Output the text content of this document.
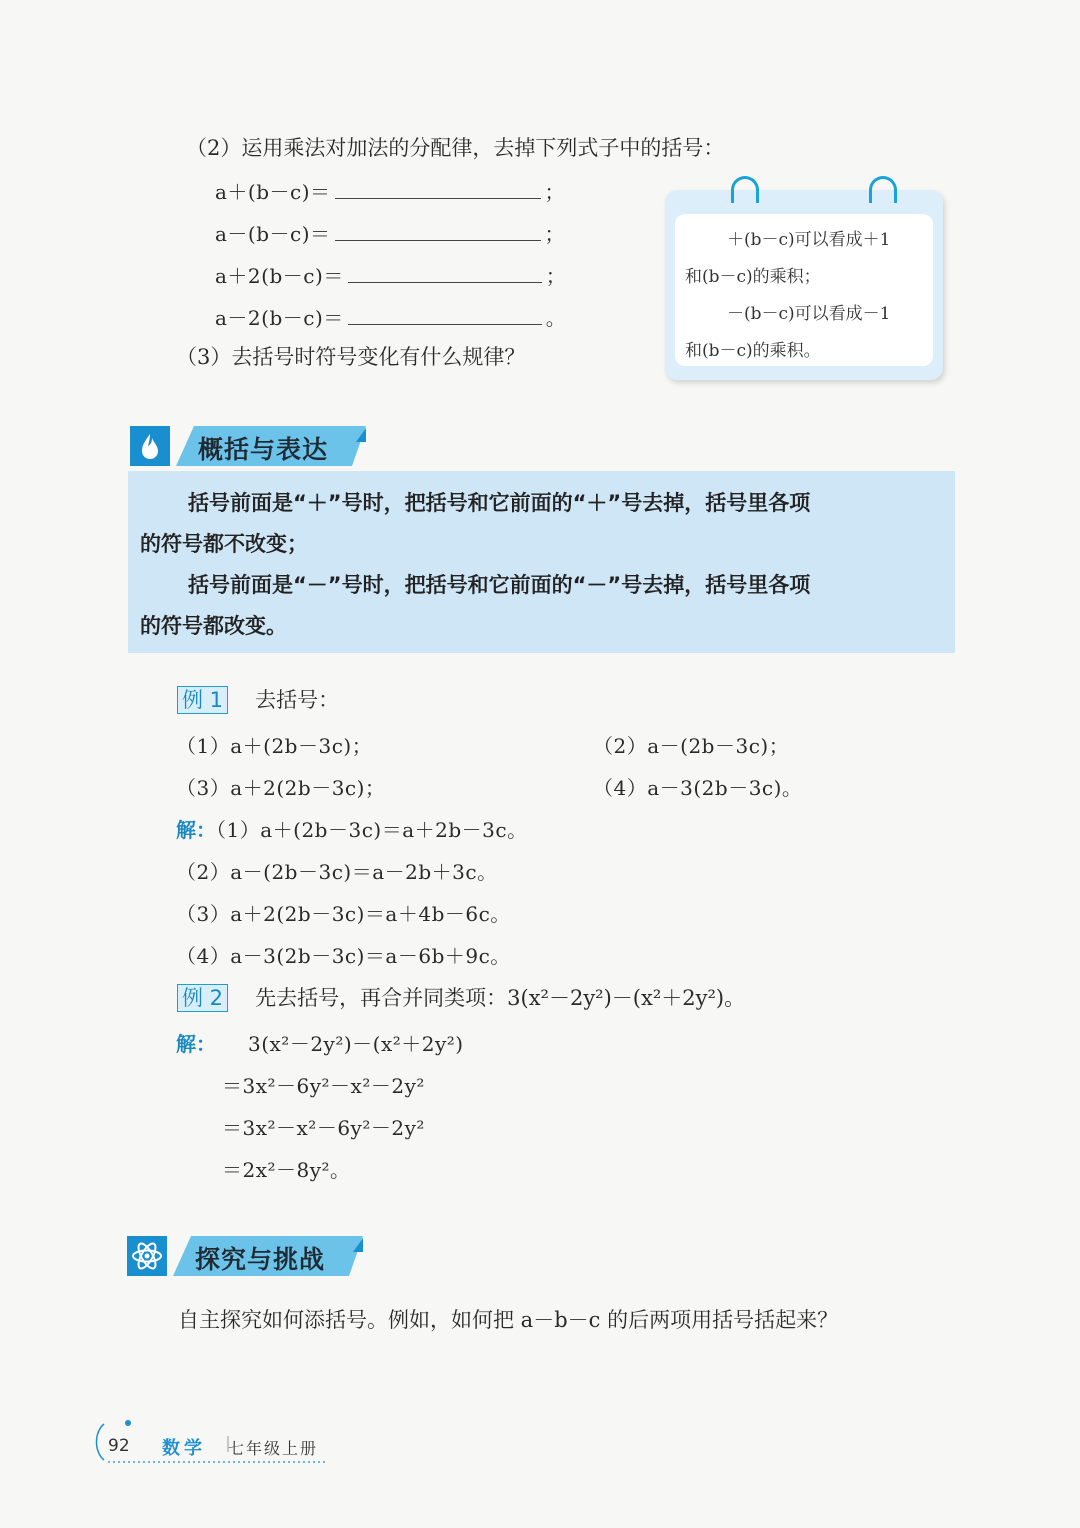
（2）运用乘法对加法的分配律，去掉下列式子中的括号：
a＋(b－c)＝	；
a－(b－c)＝	；
a＋2(b－c)＝	；
a－2(b－c)＝	。
（3）去括号时符号变化有什么规律？

＋(b－c)可以看成＋1

和(b－c)的乘积；

－(b－c)可以看成－1

和(b－c)的乘积。

概括与表达

括号前面是“＋”号时，把括号和它前面的“＋”号去掉，括号里各项

的符号都不改变；

括号前面是“－”号时，把括号和它前面的“－”号去掉，括号里各项

的符号都改变。

例 1 去括号：
（1）a＋(2b－3c)；	（2）a－(2b－3c)；
（3）a＋2(2b－3c)；	（4）a－3(2b－3c)。
解：（1）a＋(2b－3c)＝a＋2b－3c。
（2）a－(2b－3c)＝a－2b＋3c。
（3）a＋2(2b－3c)＝a＋4b－6c。
（4）a－3(2b－3c)＝a－6b＋9c。
例 2 先去括号，再合并同类项：3(x²－2y²)－(x²＋2y²)。
解： 3(x²－2y²)－(x²＋2y²)
＝3x²－6y²－x²－2y²
＝3x²－x²－6y²－2y²
＝2x²－8y²。
探究与挑战
自主探究如何添括号。例如，如何把 a－b－c 的后两项用括号括起来？
92 数学 七年级上册
